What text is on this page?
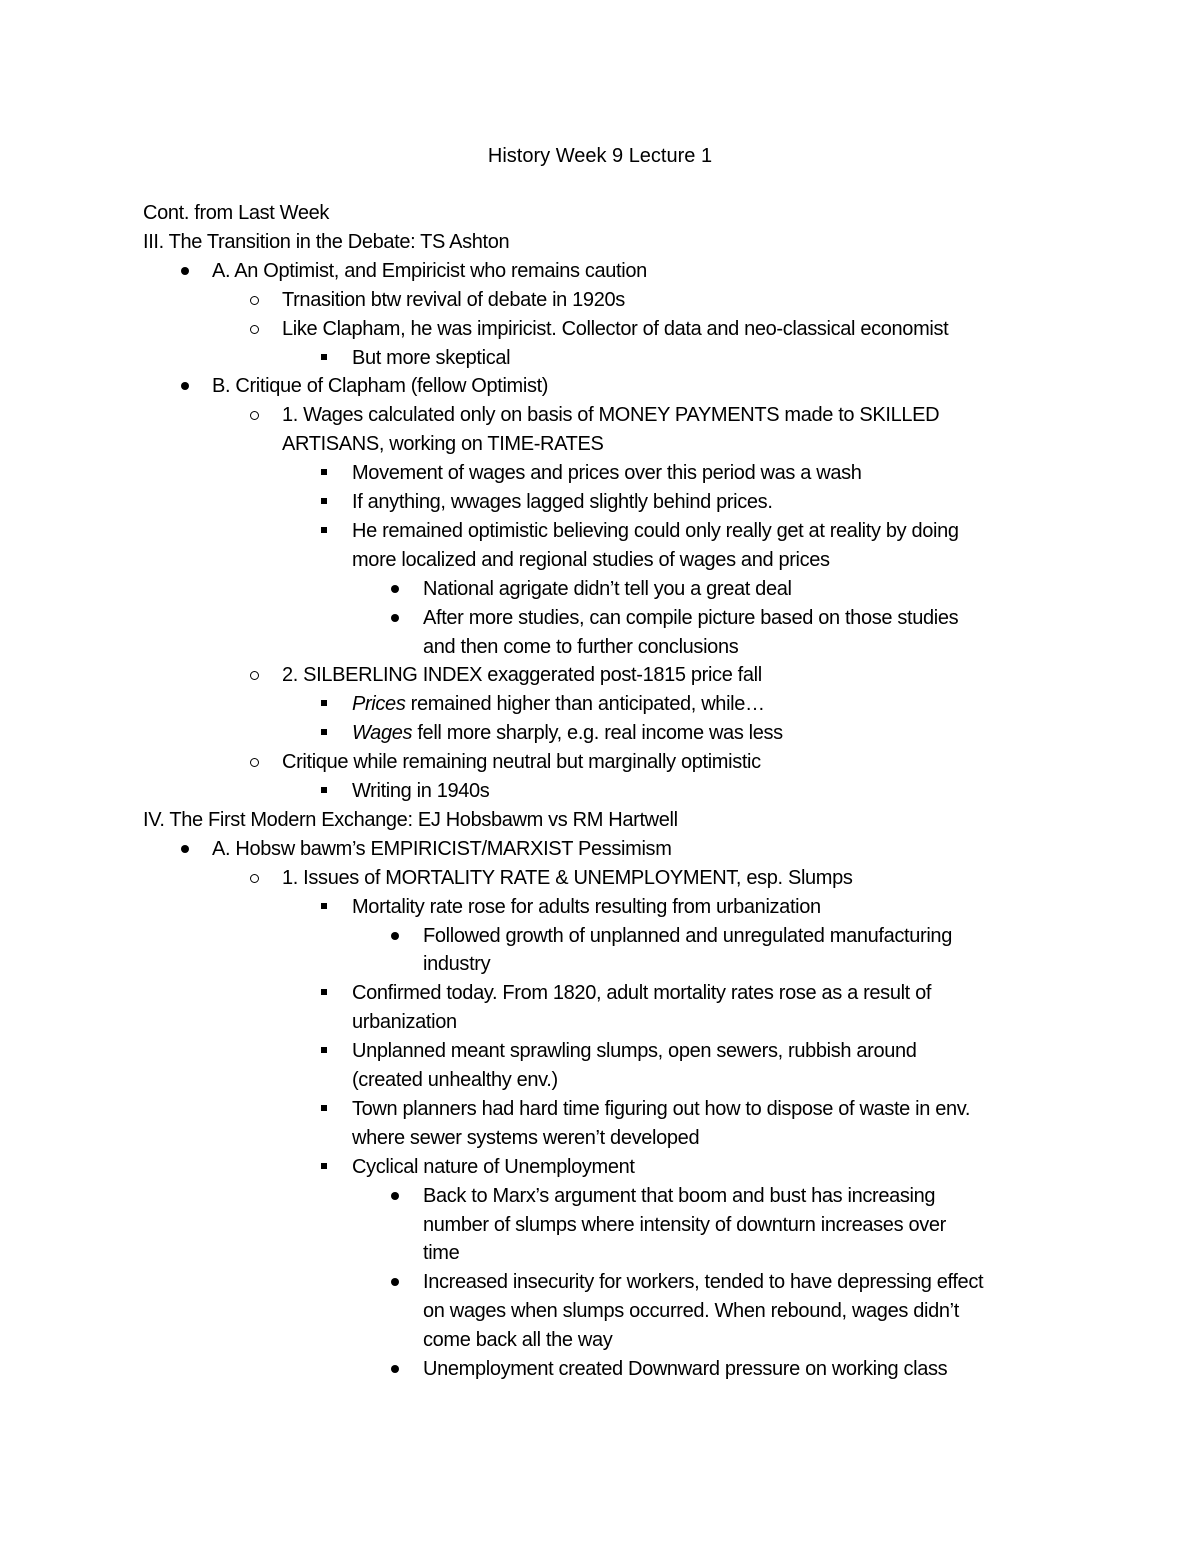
History Week 9 Lecture 1
Cont. from Last Week
III. The Transition in the Debate: TS Ashton
A. An Optimist, and Empiricist who remains caution
Trnasition btw revival of debate in 1920s
Like Clapham, he was impiricist. Collector of data and neo-classical economist
But more skeptical
B. Critique of Clapham (fellow Optimist)
1. Wages calculated only on basis of MONEY PAYMENTS made to SKILLED
ARTISANS, working on TIME-RATES
Movement of wages and prices over this period was a wash
If anything, wwages lagged slightly behind prices.
He remained optimistic believing could only really get at reality by doing
more localized and regional studies of wages and prices
National agrigate didn’t tell you a great deal
After more studies, can compile picture based on those studies
and then come to further conclusions
2. SILBERLING INDEX exaggerated post-1815 price fall
Prices remained higher than anticipated, while…
Wages fell more sharply, e.g. real income was less
Critique while remaining neutral but marginally optimistic
Writing in 1940s
IV. The First Modern Exchange: EJ Hobsbawm vs RM Hartwell
A. Hobsw bawm’s EMPIRICIST/MARXIST Pessimism
1. Issues of MORTALITY RATE & UNEMPLOYMENT, esp. Slumps
Mortality rate rose for adults resulting from urbanization
Followed growth of unplanned and unregulated manufacturing
industry
Confirmed today. From 1820, adult mortality rates rose as a result of
urbanization
Unplanned meant sprawling slumps, open sewers, rubbish around
(created unhealthy env.)
Town planners had hard time figuring out how to dispose of waste in env.
where sewer systems weren’t developed
Cyclical nature of Unemployment
Back to Marx’s argument that boom and bust has increasing
number of slumps where intensity of downturn increases over
time
Increased insecurity for workers, tended to have depressing effect
on wages when slumps occurred. When rebound, wages didn’t
come back all the way
Unemployment created Downward pressure on working class
